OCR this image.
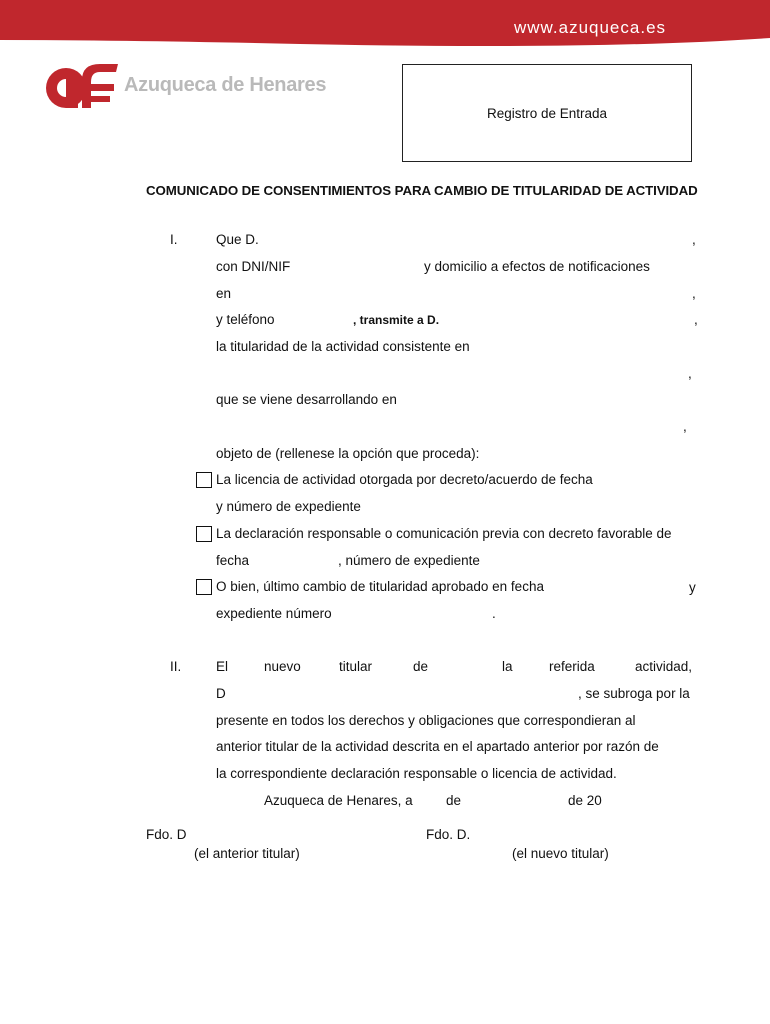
www.azuqueca.es
Azuqueca de Henares
Registro de Entrada
COMUNICADO DE CONSENTIMIENTOS PARA CAMBIO DE TITULARIDAD DE ACTIVIDAD
I.	Que D.	,
con DNI/NIF	y domicilio a efectos de notificaciones
en	,
y teléfono	, transmite a D.	,
la titularidad de la actividad consistente en
,
que se viene desarrollando en
,
objeto de (rellenese la opción que proceda):
La licencia de actividad otorgada por decreto/acuerdo de fecha
y número de expediente
La declaración responsable o comunicación previa con decreto favorable de
fecha	, número de expediente
O bien, último cambio de titularidad aprobado en fecha	y
expediente número	.
II.	El	nuevo	titular	de	la	referida	actividad,
D	, se subroga por la
presente en todos los derechos y obligaciones que correspondieran al
anterior titular de la actividad descrita en el apartado anterior por razón de
la correspondiente declaración responsable o licencia de actividad.
Azuqueca de Henares, a de	de 20
Fdo. D
(el anterior titular)
Fdo. D.
(el nuevo titular)
